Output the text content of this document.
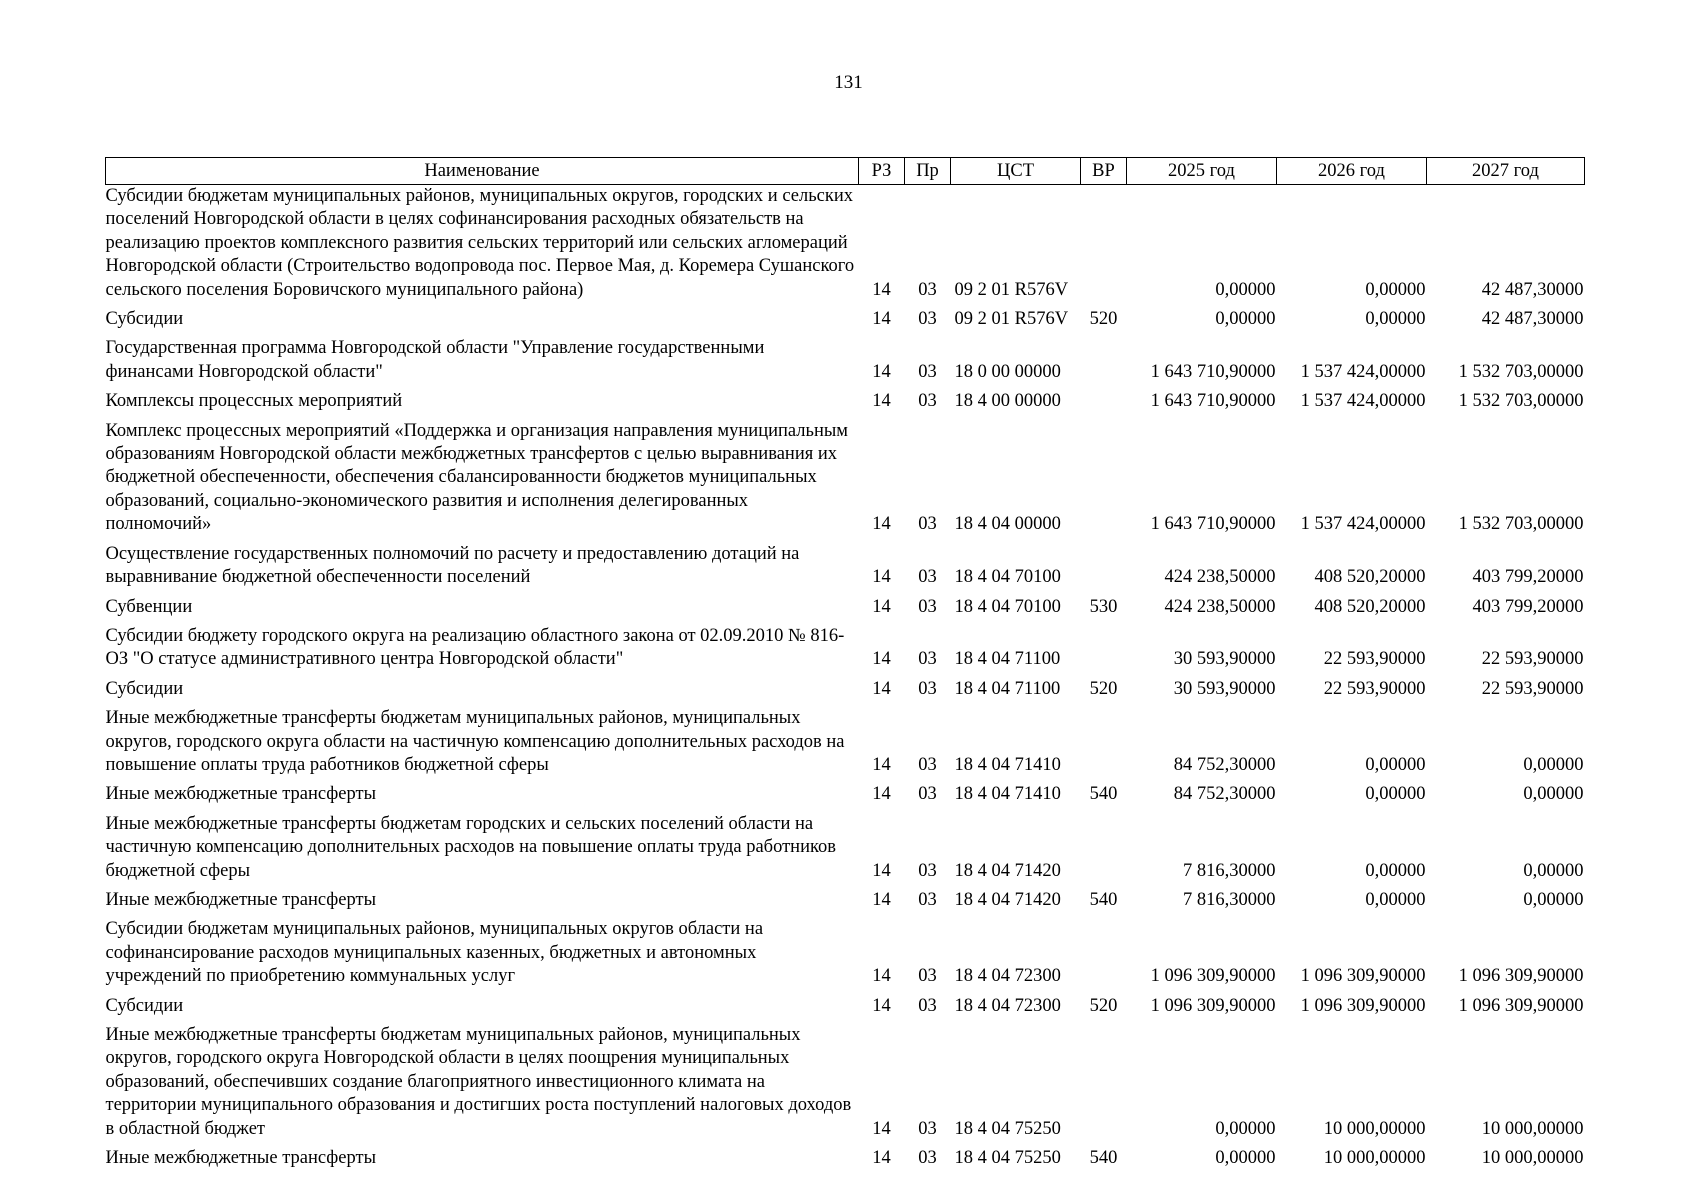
131
Наименование	РЗ	Пр	ЦСТ	ВР	2025 год	2026 год	2027 год
Субсидии бюджетам муниципальных районов, муниципальных округов, городских и сельских поселений Новгородской области в целях софинансирования расходных обязательств на реализацию проектов комплексного развития сельских территорий или сельских агломераций Новгородской области (Строительство водопровода пос. Первое Мая, д. Коремера Сушанского сельского поселения Боровичского муниципального района)	14	03	09 2 01 R576V		0,00000	0,00000	42 487,30000
Субсидии	14	03	09 2 01 R576V	520	0,00000	0,00000	42 487,30000
Государственная программа Новгородской области "Управление государственными финансами Новгородской области"	14	03	18 0 00 00000		1 643 710,90000	1 537 424,00000	1 532 703,00000
Комплексы процессных мероприятий	14	03	18 4 00 00000		1 643 710,90000	1 537 424,00000	1 532 703,00000
Комплекс процессных мероприятий «Поддержка и организация направления муниципальным образованиям Новгородской области межбюджетных трансфертов с целью выравнивания их бюджетной обеспеченности, обеспечения сбалансированности бюджетов муниципальных образований, социально-экономического развития и исполнения делегированных полномочий»	14	03	18 4 04 00000		1 643 710,90000	1 537 424,00000	1 532 703,00000
Осуществление государственных полномочий по расчету и предоставлению дотаций на выравнивание бюджетной обеспеченности поселений	14	03	18 4 04 70100		424 238,50000	408 520,20000	403 799,20000
Субвенции	14	03	18 4 04 70100	530	424 238,50000	408 520,20000	403 799,20000
Субсидии бюджету городского округа на реализацию областного закона от 02.09.2010 № 816-ОЗ "О статусе административного центра Новгородской области"	14	03	18 4 04 71100		30 593,90000	22 593,90000	22 593,90000
Субсидии	14	03	18 4 04 71100	520	30 593,90000	22 593,90000	22 593,90000
Иные межбюджетные трансферты бюджетам муниципальных районов, муниципальных округов, городского округа области на частичную компенсацию дополнительных расходов на повышение оплаты труда работников бюджетной сферы	14	03	18 4 04 71410		84 752,30000	0,00000	0,00000
Иные межбюджетные трансферты	14	03	18 4 04 71410	540	84 752,30000	0,00000	0,00000
Иные межбюджетные трансферты бюджетам городских и сельских поселений области на частичную компенсацию дополнительных расходов на повышение оплаты труда работников бюджетной сферы	14	03	18 4 04 71420		7 816,30000	0,00000	0,00000
Иные межбюджетные трансферты	14	03	18 4 04 71420	540	7 816,30000	0,00000	0,00000
Субсидии бюджетам муниципальных районов, муниципальных округов области на софинансирование расходов муниципальных казенных, бюджетных и автономных учреждений по приобретению коммунальных услуг	14	03	18 4 04 72300		1 096 309,90000	1 096 309,90000	1 096 309,90000
Субсидии	14	03	18 4 04 72300	520	1 096 309,90000	1 096 309,90000	1 096 309,90000
Иные межбюджетные трансферты бюджетам муниципальных районов, муниципальных округов, городского округа Новгородской области в целях поощрения муниципальных образований, обеспечивших создание благоприятного инвестиционного климата на территории муниципального образования и достигших роста поступлений налоговых доходов в областной бюджет	14	03	18 4 04 75250		0,00000	10 000,00000	10 000,00000
Иные межбюджетные трансферты	14	03	18 4 04 75250	540	0,00000	10 000,00000	10 000,00000
